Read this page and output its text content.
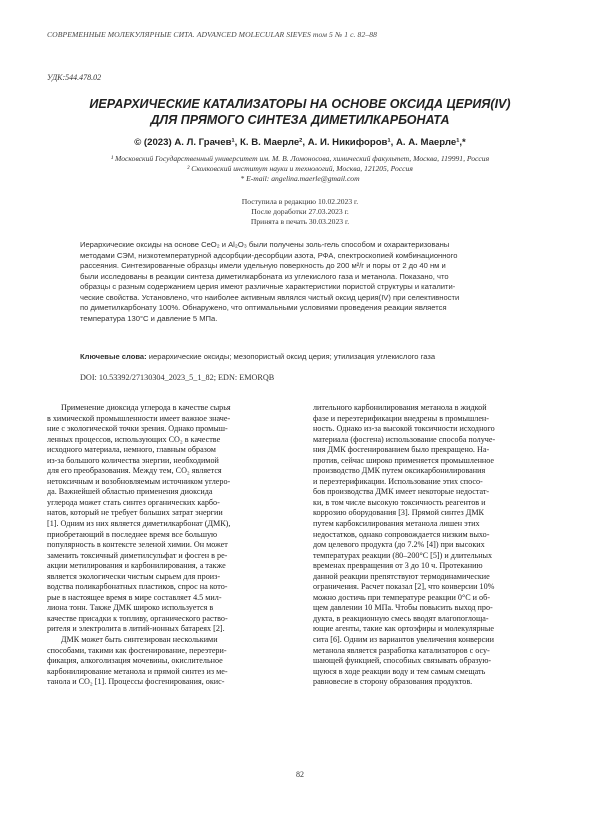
СОВРЕМЕННЫЕ МОЛЕКУЛЯРНЫЕ СИТА. ADVANCED MOLECULAR SIEVES том 5 № 1 с. 82–88
УДК:544.478.02
ИЕРАРХИЧЕСКИЕ КАТАЛИЗАТОРЫ НА ОСНОВЕ ОКСИДА ЦЕРИЯ(IV)
ДЛЯ ПРЯМОГО СИНТЕЗА ДИМЕТИЛКАРБОНАТА
© (2023) А. Л. Грачев¹, К. В. Маерле², А. И. Никифоров¹, А. А. Маерле¹,*

¹ Московский Государственный университет им. М. В. Ломоносова, химический факультет, Москва, 119991, Россия

² Сколковский институт науки и технологий, Москва, 121205, Россия

* E-mail: angelina.maerle@gmail.com

Поступила в редакцию 10.02.2023 г.

После доработки 27.03.2023 г.

Принята в печать 30.03.2023 г.

Иерархические оксиды на основе CeO₂ и Al₂O₃ были получены золь-гель способом и охарактеризованы

методами СЭМ, низкотемпературной адсорбции-десорбции азота, РФА, спектроскопией комбинационного

рассеяния. Синтезированные образцы имели удельную поверхность до 200 м²/г и поры от 2 до 40 нм и

были исследованы в реакции синтеза диметилкарбоната из углекислого газа и метанола. Показано, что

образцы с разным содержанием церия имеют различные характеристики пористой структуры и каталити-

ческие свойства. Установлено, что наиболее активным являлся чистый оксид церия(IV) при селективности

по диметилкарбонату 100%. Обнаружено, что оптимальными условиями проведения реакции является

температура 130°C и давление 5 МПа.

Ключевые слова: иерархические оксиды; мезопористый оксид церия; утилизация углекислого газа
DOI: 10.53392/27130304_2023_5_1_82; EDN: EMORQB

Применение диоксида углерода в качестве сырья

в химической промышленности имеет важное значе-

ние с экологической точки зрения. Однако промыш-

ленных процессов, использующих CO₂ в качестве

исходного материала, немного, главным образом

из-за большого количества энергии, необходимой

для его преобразования. Между тем, CO₂ является

нетоксичным и возобновляемым источником углеро-

да. Важнейшей областью применения диоксида

углерода может стать синтез органических карбо-

натов, который не требует больших затрат энергии

[1]. Одним из них является диметилкарбонат (ДМК),

приобретающий в последнее время все большую

популярность в контексте зеленой химии. Он может

заменить токсичный диметилсульфат и фосген в ре-

акции метилирования и карбонилирования, а также

является экологически чистым сырьем для произ-

водства поликарбонатных пластиков, спрос на кото-

рые в настоящее время в мире составляет 4.5 мил-

лиона тонн. Также ДМК широко используется в

качестве присадки к топливу, органического раство-

рителя и электролита в литий-ионных батареях [2].

ДМК может быть синтезирован несколькими

способами, такими как фосгенирование, переэтери-

фикация, алкоголизация мочевины, окислительное

карбонилирование метанола и прямой синтез из ме-

танола и CO₂ [1]. Процессы фосгенирования, окис-

лительного карбонилирования метанола в жидкой

фазе и переэтерификации внедрены в промышлен-

ность. Однако из-за высокой токсичности исходного

материала (фосгена) использование способа получе-

ния ДМК фосгенированием было прекращено. На-

против, сейчас широко применяется промышленное

производство ДМК путем оксикарбонилирования

и переэтерификации. Использование этих спосо-

бов производства ДМК имеет некоторые недостат-

ки, в том числе высокую токсичность реагентов и

коррозию оборудования [3]. Прямой синтез ДМК

путем карбоксилирования метанола лишен этих

недостатков, однако сопровождается низким выхо-

дом целевого продукта (до 7.2% [4]) при высоких

температурах реакции (80–200°C [5]) и длительных

временах превращения от 3 до 10 ч. Протеканию

данной реакции препятствуют термодинамические

ограничения. Расчет показал [2], что конверсии 10%

можно достичь при температуре реакции 0°C и об-

щем давлении 10 МПа. Чтобы повысить выход про-

дукта, в реакционную смесь вводят влагопоглоща-

ющие агенты, такие как ортоэфиры и молекулярные

сита [6]. Одним из вариантов увеличения конверсии

метанола является разработка катализаторов с осу-

шающей функцией, способных связывать образую-

щуюся в ходе реакции воду и тем самым смещать

равновесие в сторону образования продуктов.

82
